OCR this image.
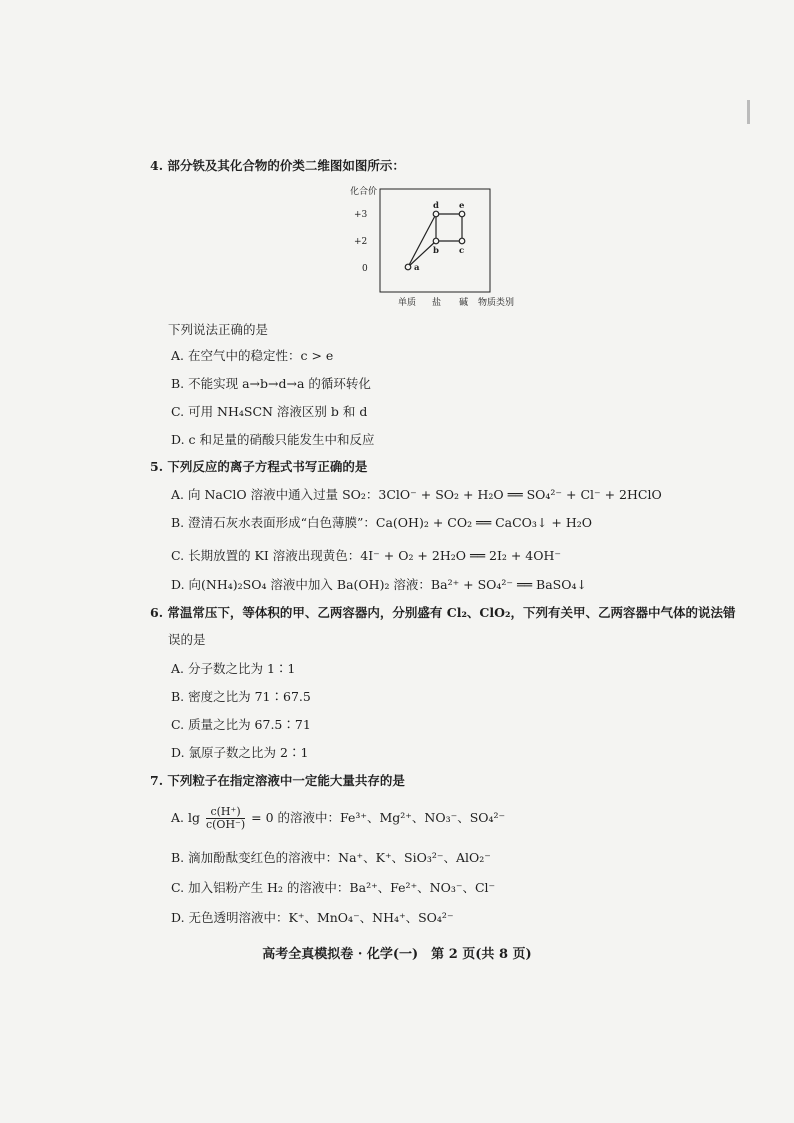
4. 部分铁及其化合物的价类二维图如图所示：
化合价
物质类别
+3
+2
0
单质 盐 碱
a
b c
d e
下列说法正确的是
A. 在空气中的稳定性：c > e
B. 不能实现 a→b→d→a 的循环转化
C. 可用 NH₄SCN 溶液区别 b 和 d
D. c 和足量的硝酸只能发生中和反应
5. 下列反应的离子方程式书写正确的是
A. 向 NaClO 溶液中通入过量 SO₂：3ClO⁻ + SO₂ + H₂O ══ SO₄²⁻ + Cl⁻ + 2HClO
B. 澄清石灰水表面形成“白色薄膜”：Ca(OH)₂ + CO₂ ══ CaCO₃↓ + H₂O
C. 长期放置的 KI 溶液出现黄色：4I⁻ + O₂ + 2H₂O ══ 2I₂ + 4OH⁻
D. 向(NH₄)₂SO₄ 溶液中加入 Ba(OH)₂ 溶液：Ba²⁺ + SO₄²⁻ ══ BaSO₄↓
6. 常温常压下，等体积的甲、乙两容器内，分别盛有 Cl₂、ClO₂，下列有关甲、乙两容器中气体的说法错
误的是
A. 分子数之比为 1∶1
B. 密度之比为 71∶67.5
C. 质量之比为 67.5∶71
D. 氯原子数之比为 2∶1
7. 下列粒子在指定溶液中一定能大量共存的是
A. $\lg \frac{c(H^+)}{c(OH^-)} = 0$ 的溶液中：Fe³⁺、Mg²⁺、NO₃⁻、SO₄²⁻
B. 滴加酚酞变红色的溶液中：Na⁺、K⁺、SiO₃²⁻、AlO₂⁻
C. 加入铝粉产生 H₂ 的溶液中：Ba²⁺、Fe²⁺、NO₃⁻、Cl⁻
D. 无色透明溶液中：K⁺、MnO₄⁻、NH₄⁺、SO₄²⁻
高考全真模拟卷 · 化学(一)　第 2 页(共 8 页)
